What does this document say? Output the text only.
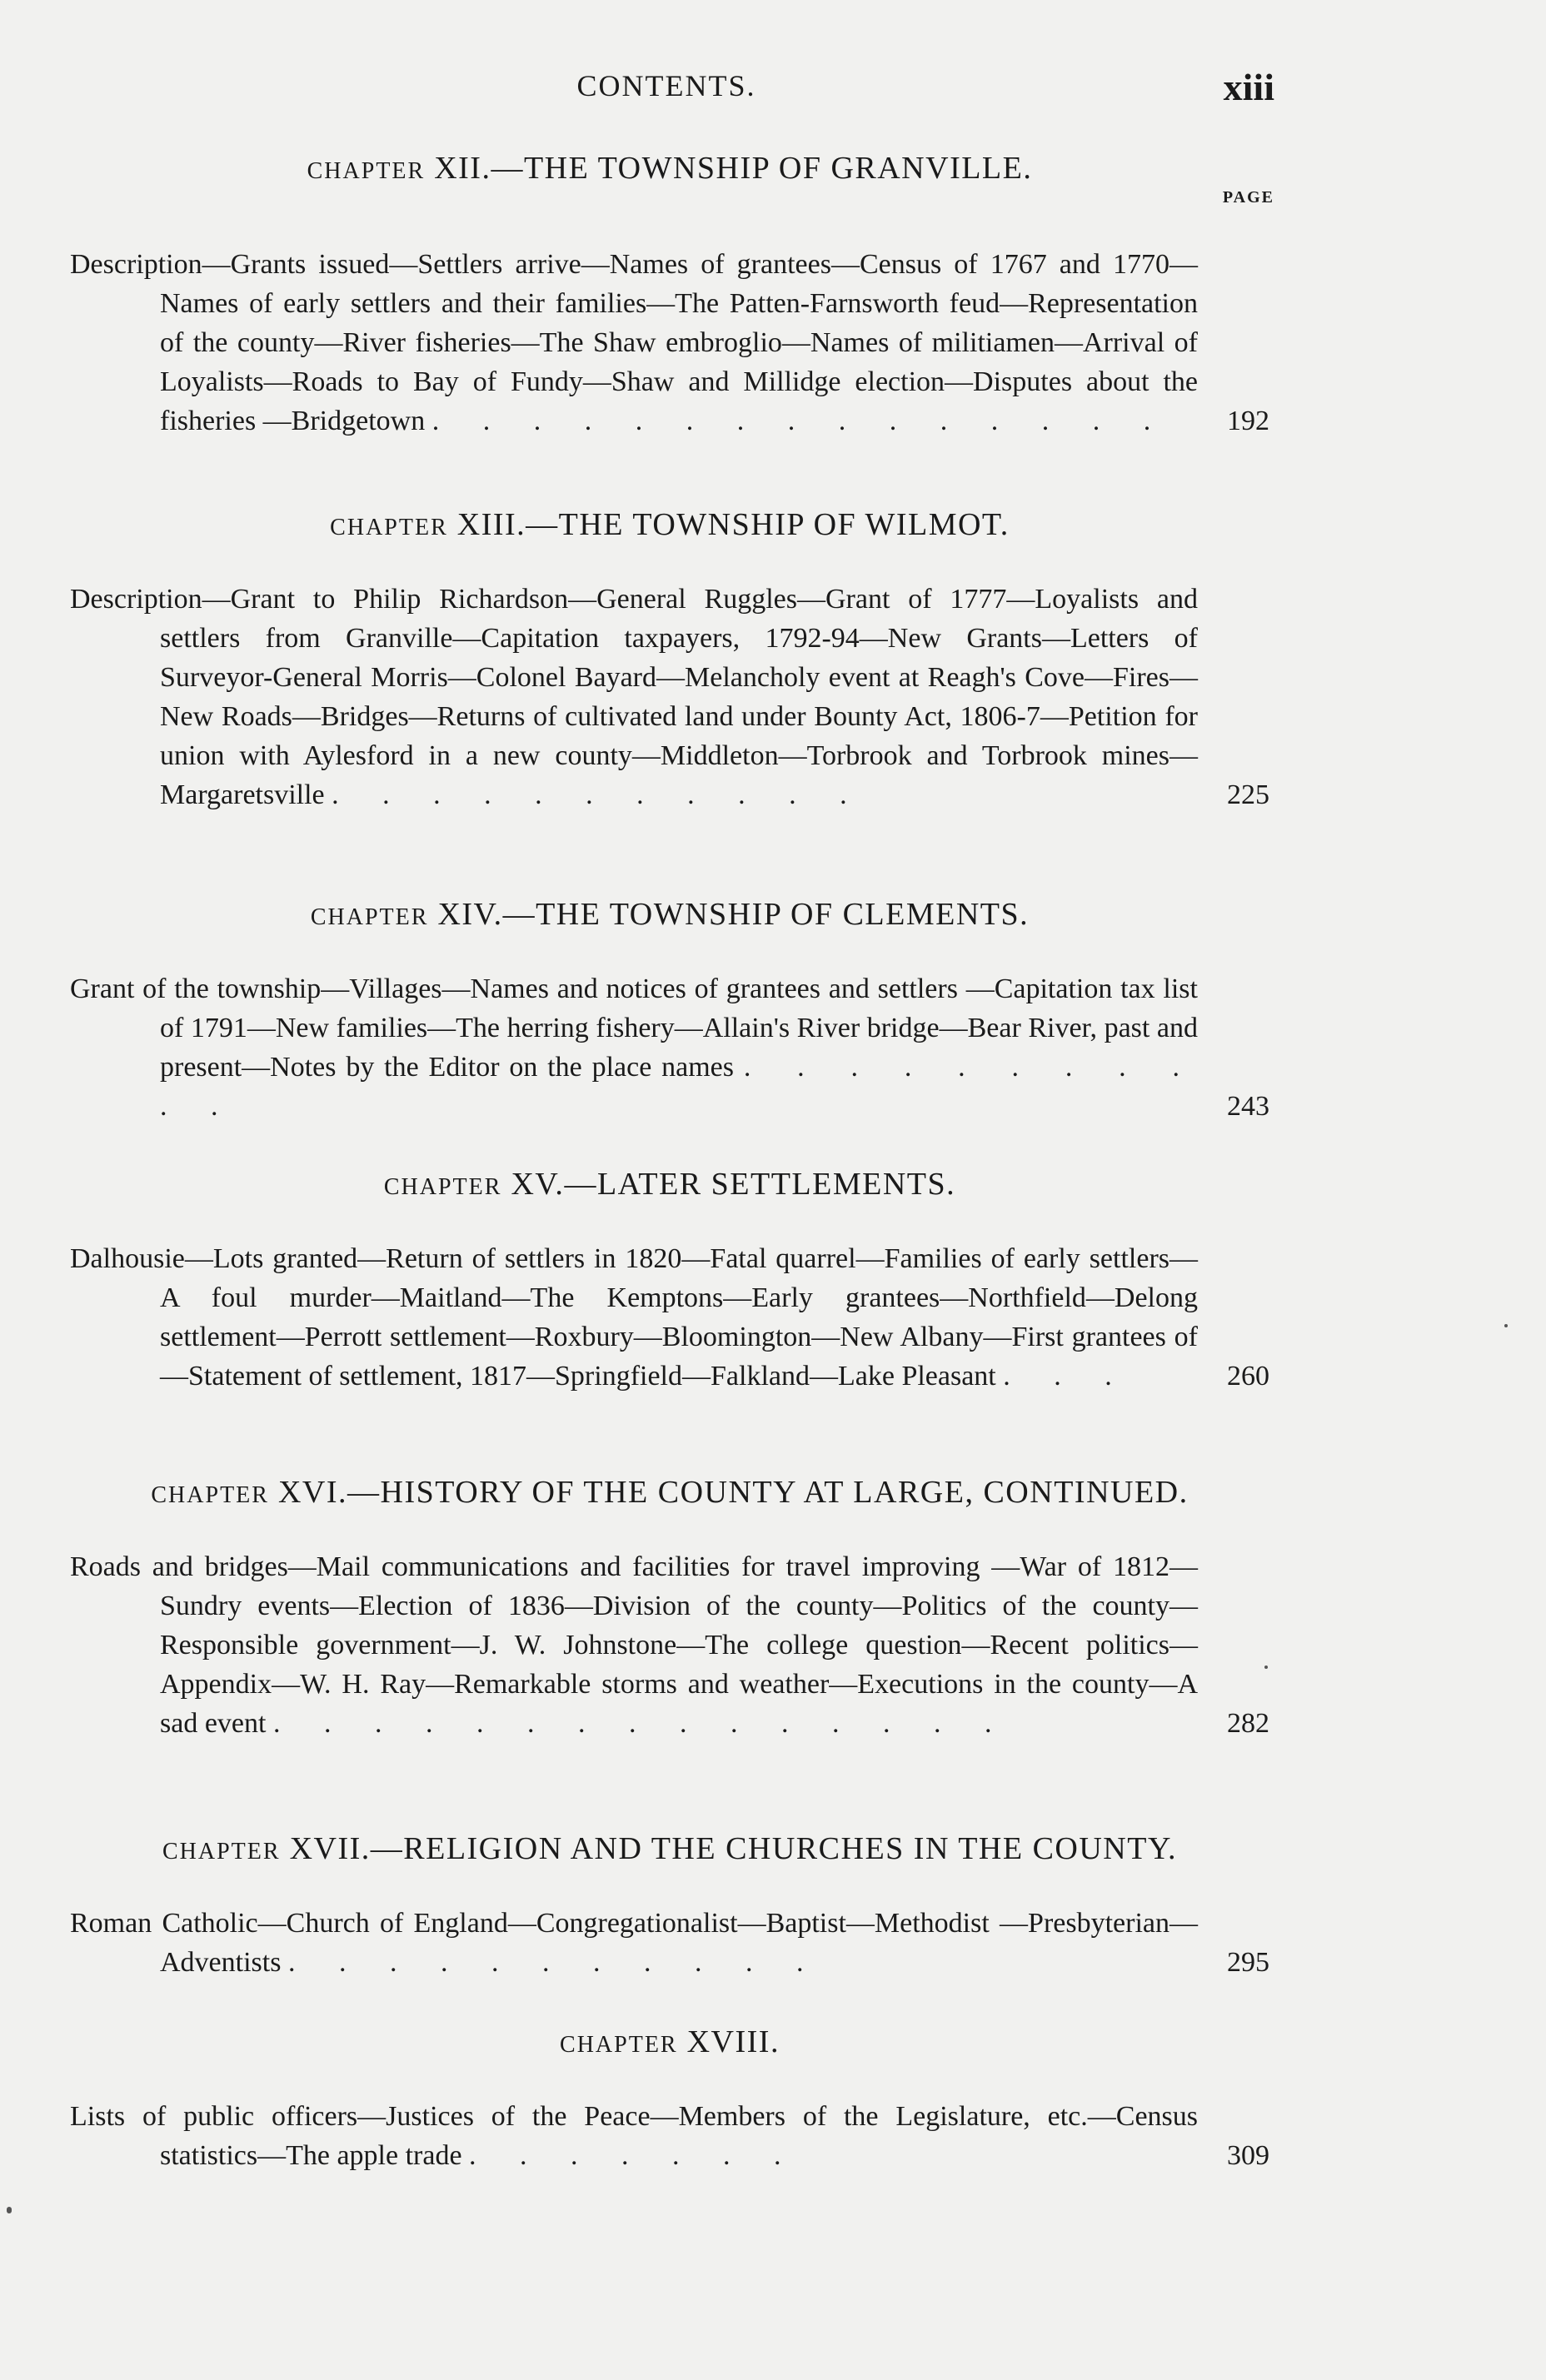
CONTENTS.	xiii
PAGE

CHAPTER XII.—THE TOWNSHIP OF GRANVILLE.

Description—Grants issued—Settlers arrive—Names of grantees—Census of 1767 and 1770—Names of early settlers and their families—The Patten-Farnsworth feud—Representation of the county—River fisheries—The Shaw embroglio—Names of militiamen—Arrival of Loyalists—Roads to Bay of Fundy—Shaw and Millidge election—Disputes about the fisheries —Bridgetown . . . . . . . . . . . . . . .	192

CHAPTER XIII.—THE TOWNSHIP OF WILMOT.

Description—Grant to Philip Richardson—General Ruggles—Grant of 1777—Loyalists and settlers from Granville—Capitation taxpayers, 1792-94—New Grants—Letters of Surveyor-General Morris—Colonel Bayard—Melancholy event at Reagh's Cove—Fires—New Roads—Bridges—Returns of cultivated land under Bounty Act, 1806-7—Petition for union with Aylesford in a new county—Middleton—Torbrook and Torbrook mines—Margaretsville . . . . . . . . . . .	225

CHAPTER XIV.—THE TOWNSHIP OF CLEMENTS.

Grant of the township—Villages—Names and notices of grantees and settlers —Capitation tax list of 1791—New families—The herring fishery—Allain's River bridge—Bear River, past and present—Notes by the Editor on the place names . . . . . . . . . . .	243

CHAPTER XV.—LATER SETTLEMENTS.

Dalhousie—Lots granted—Return of settlers in 1820—Fatal quarrel—Families of early settlers—A foul murder—Maitland—The Kemptons—Early grantees—Northfield—Delong settlement—Perrott settlement—Roxbury—Bloomington—New Albany—First grantees of—Statement of settlement, 1817—Springfield—Falkland—Lake Pleasant . . .	260

CHAPTER XVI.—HISTORY OF THE COUNTY AT LARGE, CONTINUED.

Roads and bridges—Mail communications and facilities for travel improving —War of 1812—Sundry events—Election of 1836—Division of the county—Politics of the county—Responsible government—J. W. Johnstone—The college question—Recent politics—Appendix—W. H. Ray—Remarkable storms and weather—Executions in the county—A sad event . . . . . . . . . . . . . . .	282

CHAPTER XVII.—RELIGION AND THE CHURCHES IN THE COUNTY.

Roman Catholic—Church of England—Congregationalist—Baptist—Methodist —Presbyterian—Adventists . . . . . . . . . . .	295

CHAPTER XVIII.

Lists of public officers—Justices of the Peace—Members of the Legislature, etc.—Census statistics—The apple trade . . . . . . .	309
